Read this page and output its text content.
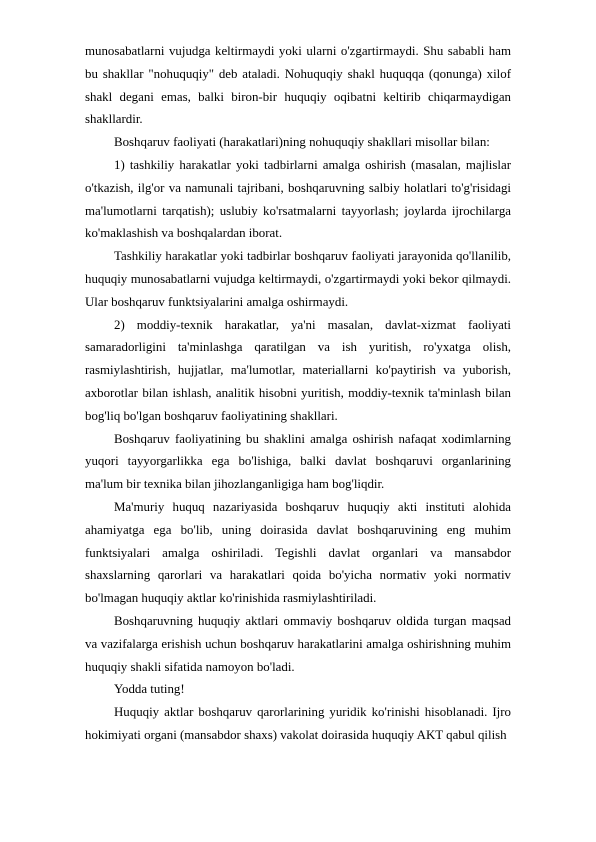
munosabatlarni vujudga keltirmaydi yoki ularni o'zgartirmaydi. Shu sababli ham bu shakllar "nohuquqiy" deb ataladi. Nohuquqiy shakl huquqqa (qonunga) xilof shakl degani emas, balki biron-bir huquqiy oqibatni keltirib chiqarmaydigan shakllardir.

Boshqaruv faoliyati (harakatlari)ning nohuquqiy shakllari misollar bilan:

1) tashkiliy harakatlar yoki tadbirlarni amalga oshirish (masalan, majlislar o'tkazish, ilg'or va namunali tajribani, boshqaruvning salbiy holatlari to'g'risidagi ma'lumotlarni tarqatish); uslubiy ko'rsatmalarni tayyorlash; joylarda ijrochilarga ko'maklashish va boshqalardan iborat.

Tashkiliy harakatlar yoki tadbirlar boshqaruv faoliyati jarayonida qo'llanilib, huquqiy munosabatlarni vujudga keltirmaydi, o'zgartirmaydi yoki bekor qilmaydi. Ular boshqaruv funktsiyalarini amalga oshirmaydi.

2) moddiy-texnik harakatlar, ya'ni masalan, davlat-xizmat faoliyati samaradorligini ta'minlashga qaratilgan va ish yuritish, ro'yxatga olish, rasmiylashtirish, hujjatlar, ma'lumotlar, materiallarni ko'paytirish va yuborish, axborotlar bilan ishlash, analitik hisobni yuritish, moddiy-texnik ta'minlash bilan bog'liq bo'lgan boshqaruv faoliyatining shakllari.

Boshqaruv faoliyatining bu shaklini amalga oshirish nafaqat xodimlarning yuqori tayyorgarlikka ega bo'lishiga, balki davlat boshqaruvi organlarining ma'lum bir texnika bilan jihozlanganligiga ham bog'liqdir.

Ma'muriy huquq nazariyasida boshqaruv huquqiy akti instituti alohida ahamiyatga ega bo'lib, uning doirasida davlat boshqaruvining eng muhim funktsiyalari amalga oshiriladi. Tegishli davlat organlari va mansabdor shaxslarning qarorlari va harakatlari qoida bo'yicha normativ yoki normativ bo'lmagan huquqiy aktlar ko'rinishida rasmiylashtiriladi.

Boshqaruvning huquqiy aktlari ommaviy boshqaruv oldida turgan maqsad va vazifalarga erishish uchun boshqaruv harakatlarini amalga oshirishning muhim huquqiy shakli sifatida namoyon bo'ladi.

Yodda tuting!

Huquqiy aktlar boshqaruv qarorlarining yuridik ko'rinishi hisoblanadi. Ijro hokimiyati organi (mansabdor shaxs) vakolat doirasida huquqiy AKT qabul qilish
